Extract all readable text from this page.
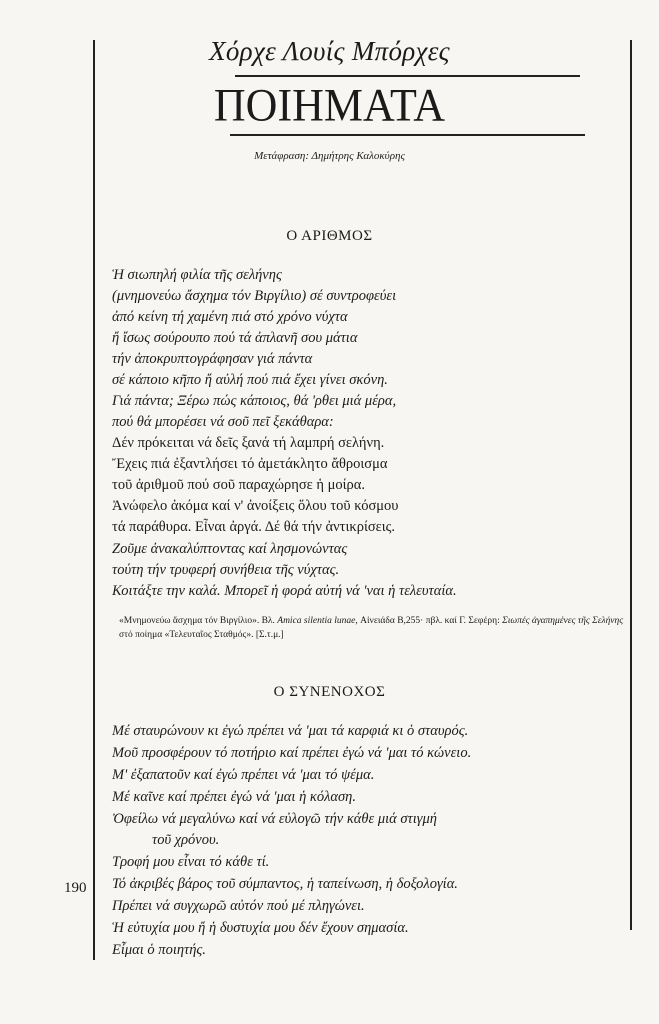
Χόρχε Λουίς Μπόρχες
ΠΟΙΗΜΑΤΑ
Μετάφραση: Δημήτρης Καλοκύρης
Ο ΑΡΙΘΜΟΣ
Ἡ σιωπηλή φιλία τῆς σελήνης
(μνημονεύω ἄσχημα τόν Βιργίλιο) σέ συντροφεύει
ἀπό κείνη τή χαμένη πιά στό χρόνο νύχτα
ἤ ἴσως σούρουπο πού τά ἀπλανῆ σου μάτια
τήν ἀποκρυπτογράφησαν γιά πάντα
σέ κάποιο κῆπο ἤ αὐλή πού πιά ἔχει γίνει σκόνη.
Γιά πάντα; Ξέρω πώς κάποιος, θά 'ρθει μιά μέρα,
πού θά μπορέσει νά σοῦ πεῖ ξεκάθαρα:
Δέν πρόκειται νά δεῖς ξανά τή λαμπρή σελήνη.
Ἔχεις πιά ἐξαντλήσει τό ἀμετάκλητο ἄθροισμα
τοῦ ἀριθμοῦ πού σοῦ παραχώρησε ἡ μοίρα.
Ἀνώφελο ἀκόμα καί ν' ἀνοίξεις ὅλου τοῦ κόσμου
τά παράθυρα. Εἶναι ἀργά. Δέ θά τήν ἀντικρίσεις.
Ζοῦμε ἀνακαλύπτοντας καί λησμονώντας
τούτη τήν τρυφερή συνήθεια τῆς νύχτας.
Κοιτάξτε την καλά. Μπορεῖ ἡ φορά αὐτή νά 'ναι ἡ τελευταία.
«Μνημονεύω ἄσχημα τόν Βιργίλιο». Βλ. Amica silentia lunae, Αἰνειάδα Β,255· πβλ. καί Γ. Σεφέρη: Σιωπές ἀγαπημένες τῆς Σελήνης στό ποίημα «Τελευταῖος Σταθμός». [Σ.τ.μ.]
Ο ΣΥΝΕΝΟΧΟΣ
Μέ σταυρώνουν κι ἐγώ πρέπει νά 'μαι τά καρφιά κι ὁ σταυρός.
Μοῦ προσφέρουν τό ποτήριο καί πρέπει ἐγώ νά 'μαι τό κώνειο.
Μ' ἐξαπατοῦν καί ἐγώ πρέπει νά 'μαι τό ψέμα.
Μέ καῖνε καί πρέπει ἐγώ νά 'μαι ἡ κόλαση.
Ὀφείλω νά μεγαλύνω καί νά εὐλογῶ τήν κάθε μιά στιγμή
τοῦ χρόνου.
Τροφή μου εἶναι τό κάθε τί.
Τό ἀκριβές βάρος τοῦ σύμπαντος, ἡ ταπείνωση, ἡ δοξολογία.
Πρέπει νά συγχωρῶ αὐτόν πού μέ πληγώνει.
Ἡ εὐτυχία μου ἤ ἡ δυστυχία μου δέν ἔχουν σημασία.
Εἶμαι ὁ ποιητής.
190
